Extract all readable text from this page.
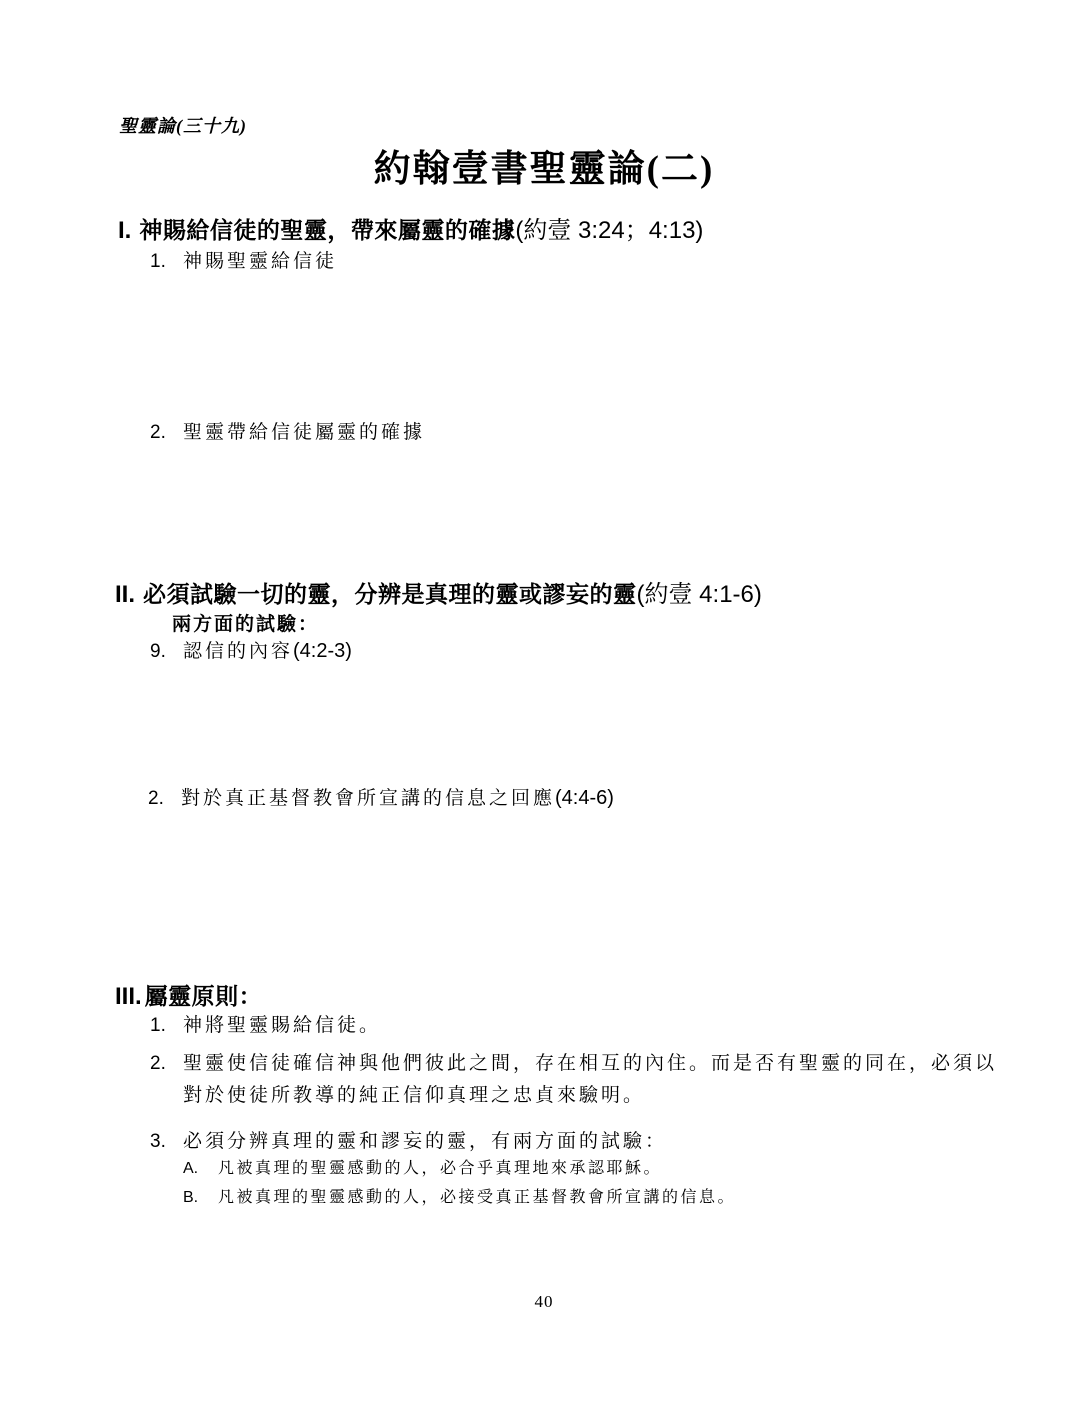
聖靈論(三十九)
約翰壹書聖靈論(二)
I. 神賜給信徒的聖靈，帶來屬靈的確據 (約壹 3:24；4:13)
1. 神賜聖靈給信徒
2. 聖靈帶給信徒屬靈的確據
II. 必須試驗一切的靈，分辨是真理的靈或謬妄的靈 (約壹 4:1-6)
兩方面的試驗：
9. 認信的內容(4:2-3)
2. 對於真正基督教會所宣講的信息之回應(4:4-6)
III. 屬靈原則：
1. 神將聖靈賜給信徒。
2. 聖靈使信徒確信神與他們彼此之間，存在相互的內住。而是否有聖靈的同在，必須以
對於使徒所教導的純正信仰真理之忠貞來驗明。
3. 必須分辨真理的靈和謬妄的靈，有兩方面的試驗：
A.	凡被真理的聖靈感動的人，必合乎真理地來承認耶穌。
B.	凡被真理的聖靈感動的人，必接受真正基督教會所宣講的信息。
40
